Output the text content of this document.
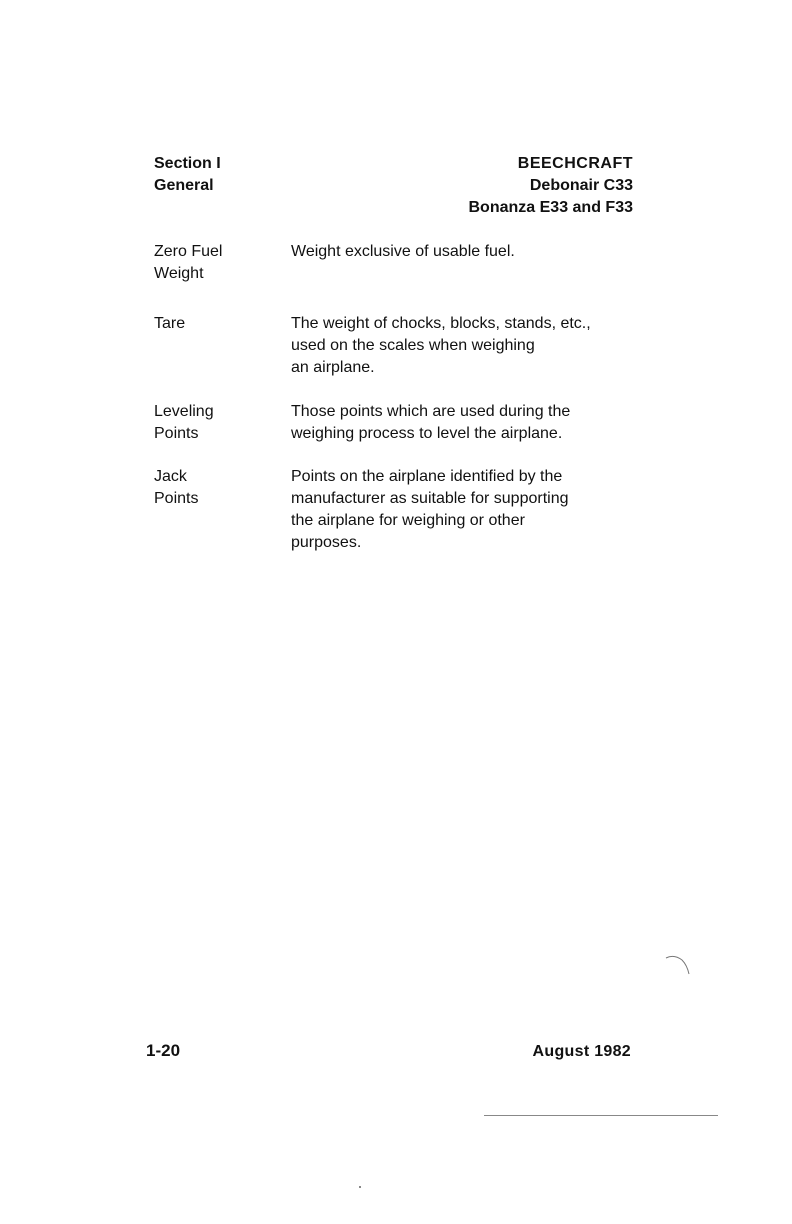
Section I
General
BEECHCRAFT
Debonair C33
Bonanza E33 and F33
Zero Fuel
Weight
Weight exclusive of usable fuel.
Tare	The weight of chocks, blocks, stands, etc.,
used on the scales when weighing
an airplane.
Leveling
Points
Those points which are used during the
weighing process to level the airplane.
Jack
Points
Points on the airplane identified by the
manufacturer as suitable for supporting
the airplane for weighing or other
purposes.
1-20	August 1982
